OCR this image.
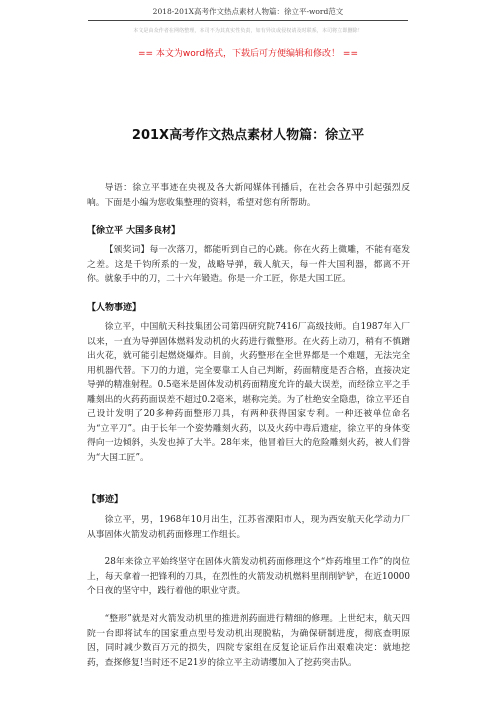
2018-201X高考作文热点素材人物篇：徐立平-word范文
本文是由众作者在网络整理，本司不为其真实性负责，如有异议或侵权请及时联系，本司将立即删除！
== 本文为word格式，下载后可方便编辑和修改！ ==
201X高考作文热点素材人物篇：徐立平

导语：徐立平事迹在央视及各大新闻媒体刊播后，在社会各界中引起强烈反响。下面是小编为您收集整理的资料，希望对您有所帮助。

【徐立平 大国多良材】

【颁奖词】每一次落刀，都能听到自己的心跳。你在火药上微雕，不能有毫发之差。这是千钧所系的一发，战略导弹，载人航天，每一件大国利器，都离不开你。就象手中的刀，二十六年锻造。你是一介工匠，你是大国工匠。

【人物事迹】

徐立平，中国航天科技集团公司第四研究院7416厂高级技师。自1987年入厂以来，一直为导弹固体燃料发动机的火药进行微整形。在火药上动刀，稍有不慎蹭出火花，就可能引起燃烧爆炸。目前，火药整形在全世界都是一个难题，无法完全用机器代替。下刀的力道，完全要靠工人自己判断，药面精度是否合格，直接决定导弹的精准射程。0.5毫米是固体发动机药面精度允许的最大误差，而经徐立平之手雕刻出的火药药面误差不超过0.2毫米，堪称完美。为了杜绝安全隐患，徐立平还自己设计发明了20多种药面整形刀具，有两种获得国家专利。一种还被单位命名为“立平刀”。由于长年一个姿势雕刻火药，以及火药中毒后遗症，徐立平的身体变得向一边倾斜，头发也掉了大半。28年来，他冒着巨大的危险雕刻火药，被人们誉为“大国工匠”。

【事迹】

徐立平，男，1968年10月出生，江苏省溧阳市人，现为西安航天化学动力厂从事固体火箭发动机药面修理工作组长。

28年来徐立平始终坚守在固体火箭发动机药面修理这个“炸药堆里工作”的岗位上，每天拿着一把锋利的刀具，在烈性的火箭发动机燃料里削削铲铲，在近10000个日夜的坚守中，践行着他的职业守责。

“整形”就是对火箭发动机里的推进剂药面进行精细的修理。上世纪末，航天四院一台即将试车的国家重点型号发动机出现脱粘，为确保研制进度，彻底查明原因，同时减少数百万元的损失，四院专家组在反复论证后作出艰难决定：就地挖药，查探修复!当时还不足21岁的徐立平主动请缨加入了挖药突击队。
